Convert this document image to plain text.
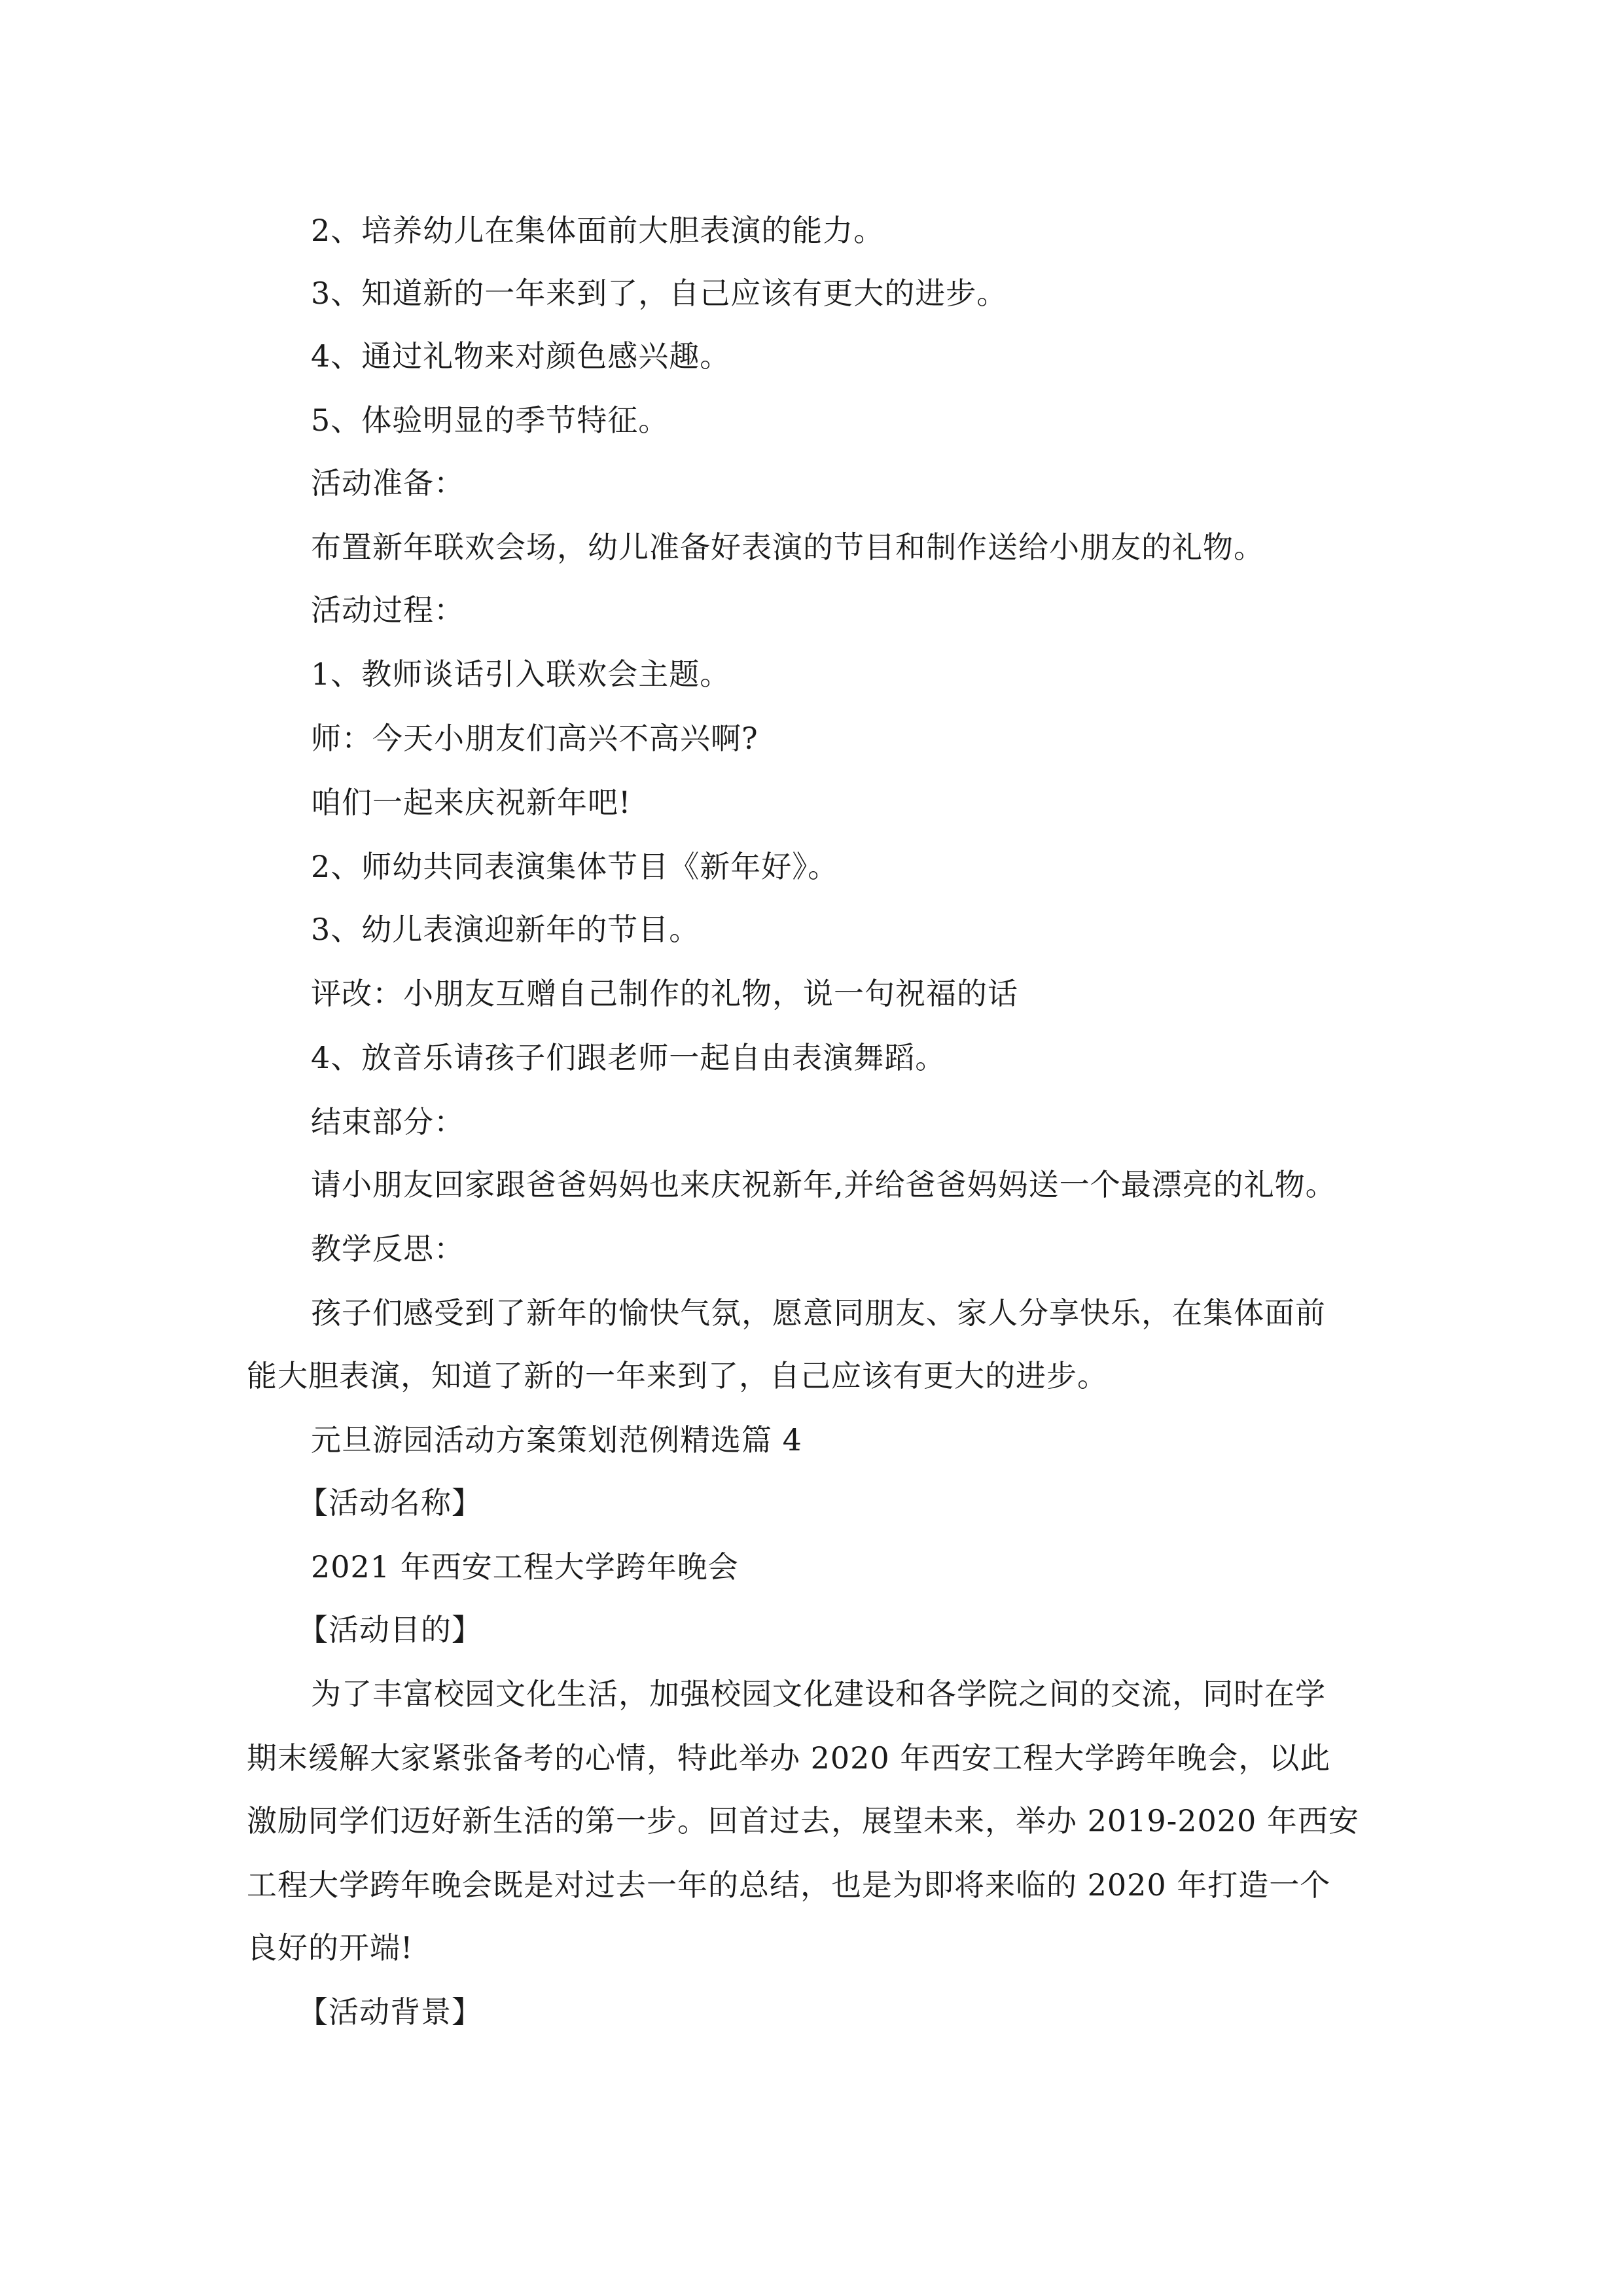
2、培养幼儿在集体面前大胆表演的能力。
3、知道新的一年来到了，自己应该有更大的进步。
4、通过礼物来对颜色感兴趣。
5、体验明显的季节特征。
活动准备：
布置新年联欢会场，幼儿准备好表演的节目和制作送给小朋友的礼物。
活动过程：
1、教师谈话引入联欢会主题。
师：今天小朋友们高兴不高兴啊?
咱们一起来庆祝新年吧!
2、师幼共同表演集体节目《新年好》。
3、幼儿表演迎新年的节目。
评改：小朋友互赠自己制作的礼物，说一句祝福的话
4、放音乐请孩子们跟老师一起自由表演舞蹈。
结束部分：
请小朋友回家跟爸爸妈妈也来庆祝新年,并给爸爸妈妈送一个最漂亮的礼物。
教学反思：
孩子们感受到了新年的愉快气氛，愿意同朋友、家人分享快乐，在集体面前
能大胆表演，知道了新的一年来到了，自己应该有更大的进步。
元旦游园活动方案策划范例精选篇 4
【活动名称】
2021 年西安工程大学跨年晚会
【活动目的】
为了丰富校园文化生活，加强校园文化建设和各学院之间的交流，同时在学
期末缓解大家紧张备考的心情，特此举办 2020 年西安工程大学跨年晚会，以此
激励同学们迈好新生活的第一步。回首过去，展望未来，举办 2019-2020 年西安
工程大学跨年晚会既是对过去一年的总结，也是为即将来临的 2020 年打造一个
良好的开端!
【活动背景】
